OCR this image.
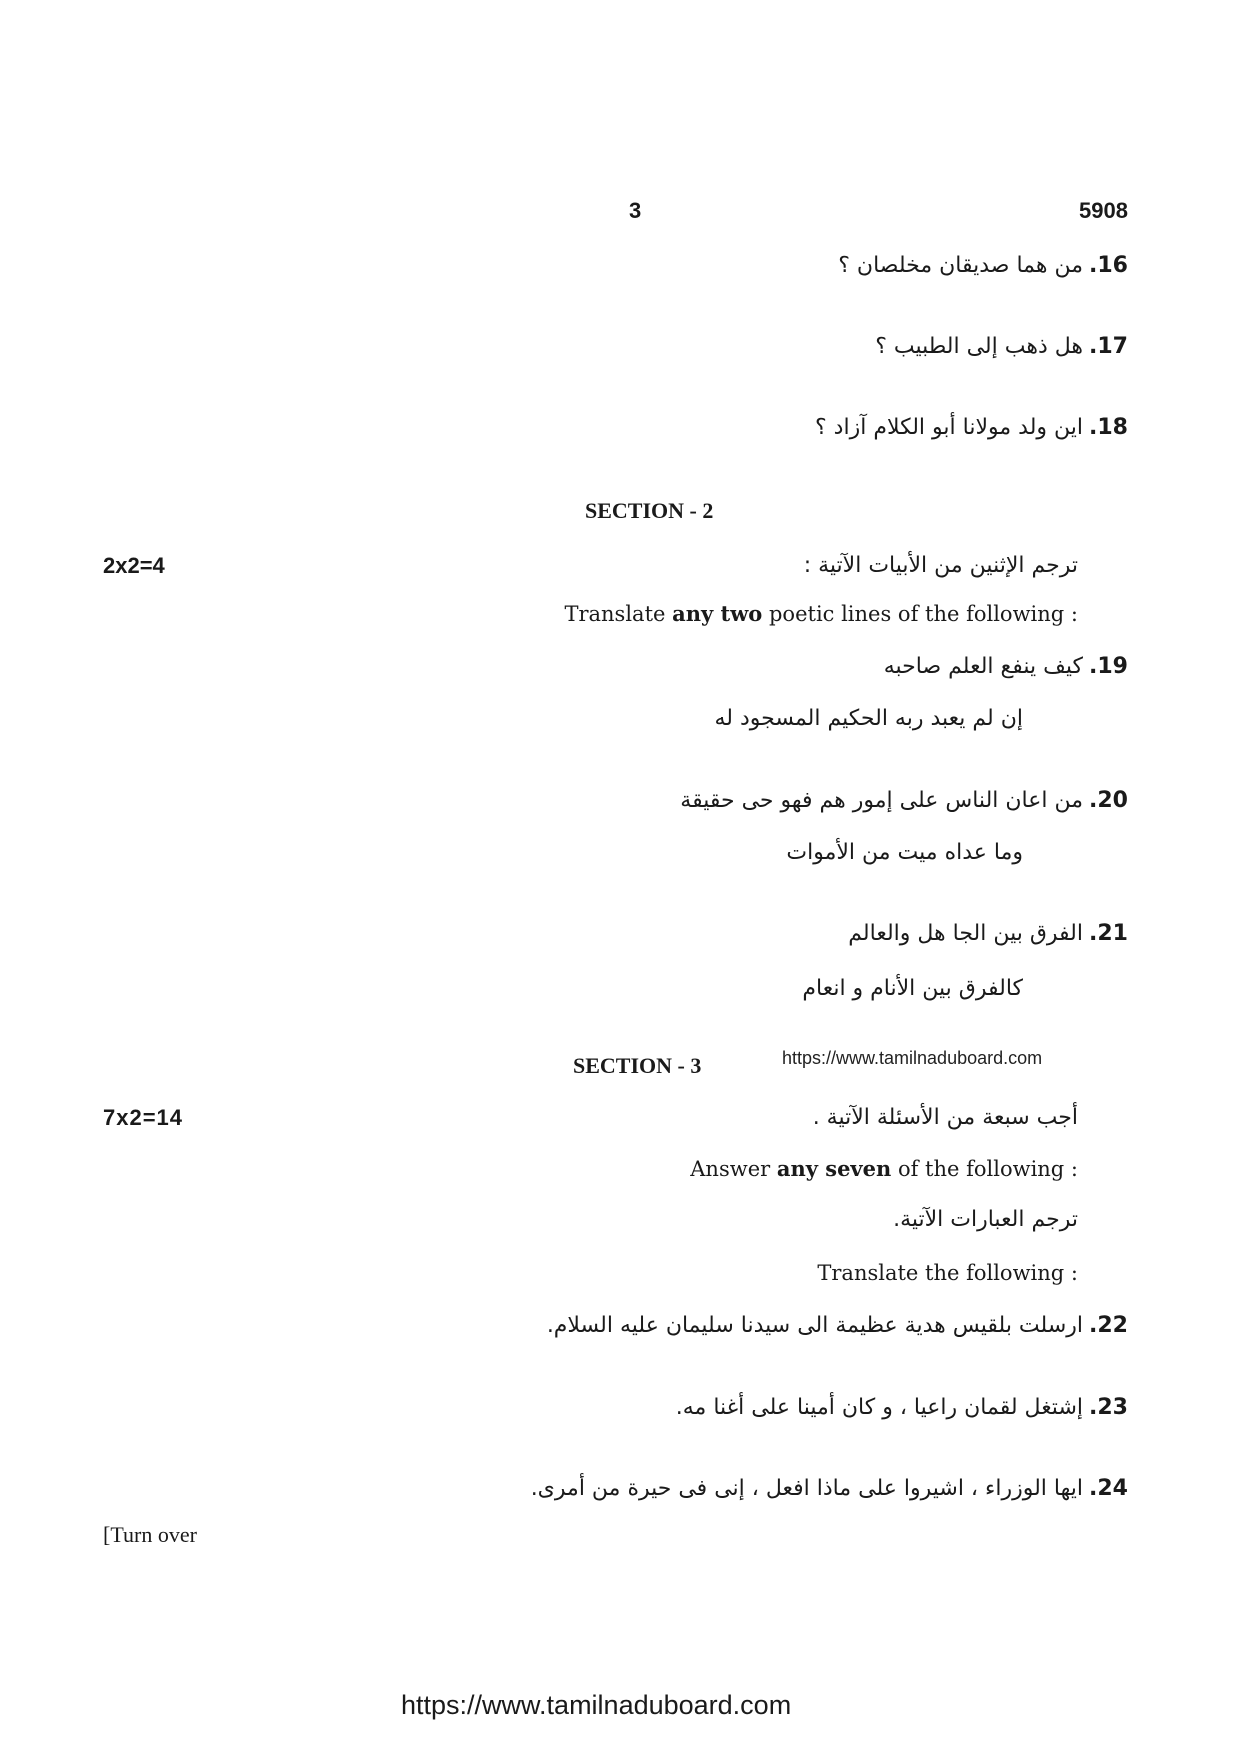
3	5908
.16
من هما صديقان مخلصان ؟
.17
هل ذهب إلى الطبيب ؟
.18
اين ولد مولانا أبو الكلام آزاد ؟
SECTION - 2
2x2=4	ترجم الإثنين من الأبيات الآتية :
Translate any two poetic lines of the following :
.19
كيف ينفع العلم صاحبه
إن لم يعبد ربه الحكيم المسجود له
.20
من اعان الناس على إمور هم فهو حى حقيقة
وما عداه ميت من الأموات
.21
الفرق بين الجا هل والعالم
كالفرق بين الأنام و انعام
SECTION - 3	https://www.tamilnaduboard.com
7x2=14	أجب سبعة من الأسئلة الآتية .
Answer any seven of the following :
ترجم العبارات الآتية.
Translate the following :
.22
ارسلت بلقيس هدية عظيمة الى سيدنا سليمان عليه السلام.
.23
إشتغل لقمان راعيا ، و كان أمينا على أغنا مه.
.24
ايها الوزراء ، اشيروا على ماذا افعل ، إنى فى حيرة من أمرى.
[Turn over
https://www.tamilnaduboard.com
